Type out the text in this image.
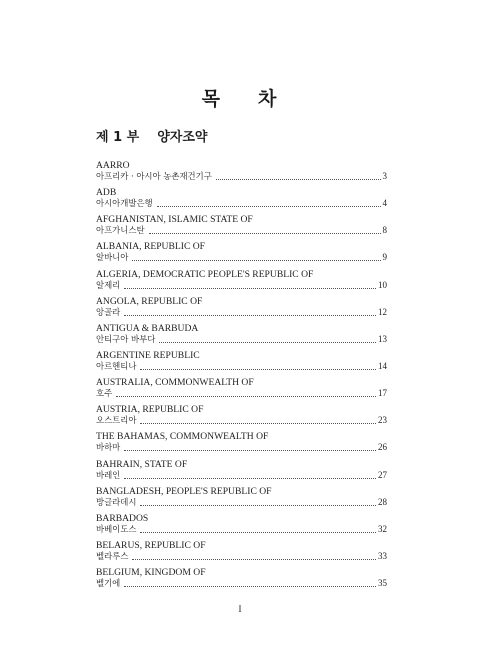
목 차
제 1 부 양자조약
AARRO
아프리카 · 아시아 농촌재건기구	3
ADB
아시아개발은행	4
AFGHANISTAN, ISLAMIC STATE OF
아프가니스탄	8
ALBANIA, REPUBLIC OF
알바니아	9
ALGERIA, DEMOCRATIC PEOPLE'S REPUBLIC OF
알제리	10
ANGOLA, REPUBLIC OF
앙골라	12
ANTIGUA & BARBUDA
안티구아 바부다	13
ARGENTINE REPUBLIC
아르헨티나	14
AUSTRALIA, COMMONWEALTH OF
호주	17
AUSTRIA, REPUBLIC OF
오스트리아	23
THE BAHAMAS, COMMONWEALTH OF
바하마	26
BAHRAIN, STATE OF
바레인	27
BANGLADESH, PEOPLE'S REPUBLIC OF
방글라데시	28
BARBADOS
바베이도스	32
BELARUS, REPUBLIC OF
벨라루스	33
BELGIUM, KINGDOM OF
벨기에	35
I
